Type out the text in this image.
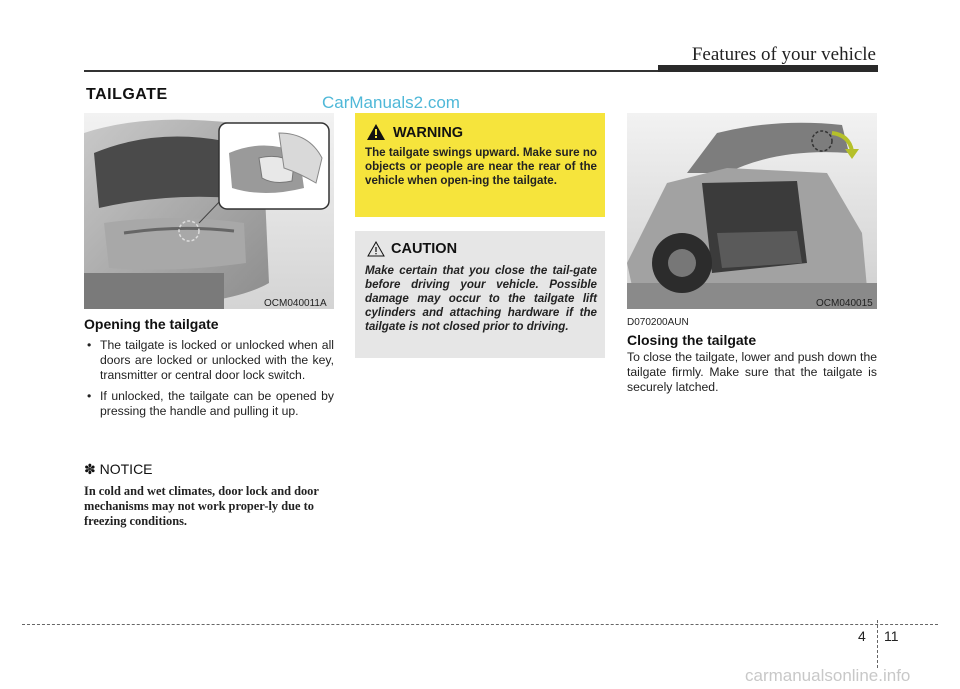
Features of your vehicle
TAILGATE	CarManuals2.com
OCM040011A
Opening the tailgate
• The tailgate is locked or unlocked when all doors are locked or unlocked with the key, transmitter or central door lock switch.
• If unlocked, the tailgate can be opened by pressing the handle and pulling it up.
✽ NOTICE
In cold and wet climates, door lock and door mechanisms may not work proper-ly due to freezing conditions.
WARNING
The tailgate swings upward. Make sure no objects or people are near the rear of the vehicle when open-ing the tailgate.
CAUTION
Make certain that you close the tail-gate before driving your vehicle. Possible damage may occur to the tailgate lift cylinders and attaching hardware if the tailgate is not closed prior to driving.
OCM040015
D070200AUN
Closing the tailgate
To close the tailgate, lower and push down the tailgate firmly. Make sure that the tailgate is securely latched.
4 11
carmanualsonline.info
